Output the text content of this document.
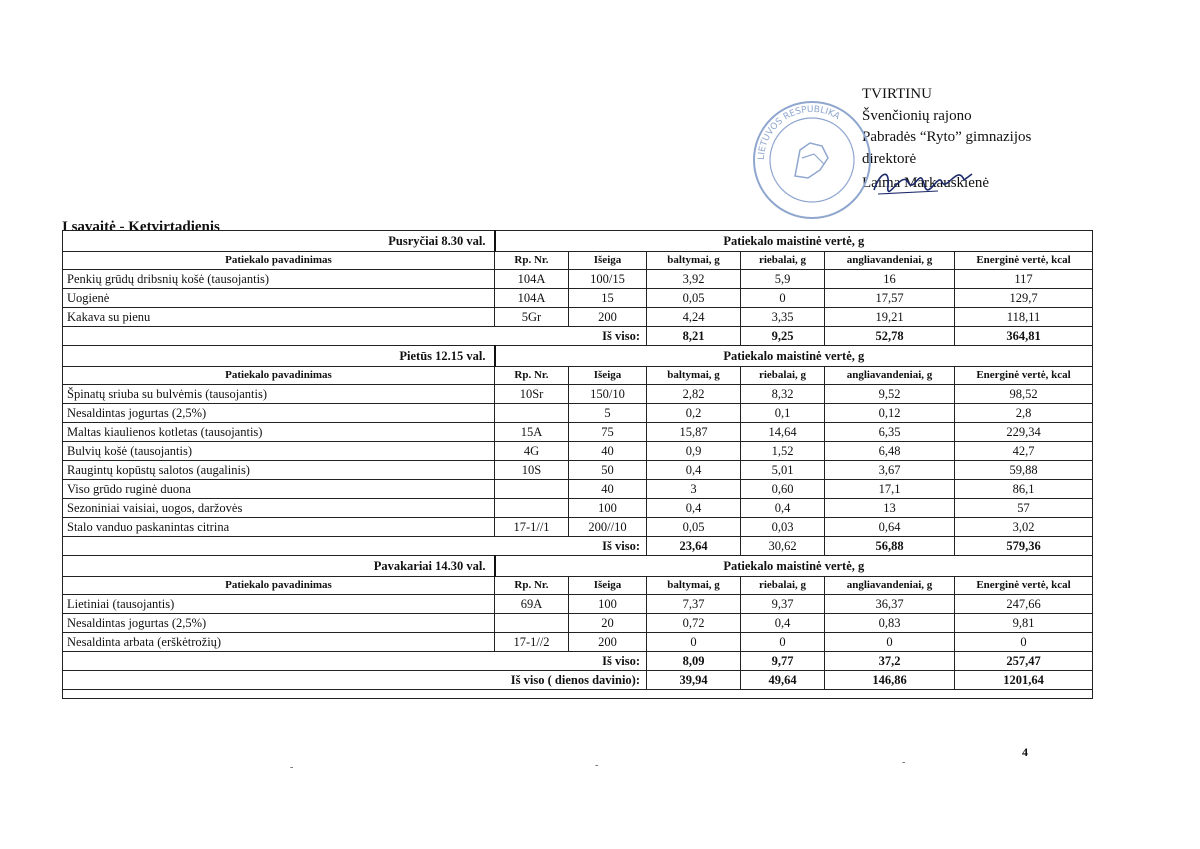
TVIRTINU
Švenčionių rajono
Pabradės “Ryto” gimnazijos
direktorė
Laima Markauskienė
LIETUVOS RESPUBLIKA
I savaitė - Ketvirtadienis
Pusryčiai 8.30 val.	Patiekalo maistinė vertė, g					
Patiekalo pavadinimas	Rp. Nr.	Išeiga	baltymai, g	riebalai, g	angliavandeniai, g	Energinė vertė, kcal
Penkių grūdų dribsnių košė (tausojantis)	104A	100/15	3,92	5,9	16	117
Uogienė	104A	15	0,05	0	17,57	129,7
Kakava su pienu	5Gr	200	4,24	3,35	19,21	118,11
Iš viso:			8,21	9,25	52,78	364,81
Pietūs 12.15 val.	Patiekalo maistinė vertė, g					
Patiekalo pavadinimas	Rp. Nr.	Išeiga	baltymai, g	riebalai, g	angliavandeniai, g	Energinė vertė, kcal
Špinatų sriuba su bulvėmis (tausojantis)	10Sr	150/10	2,82	8,32	9,52	98,52
Nesaldintas jogurtas (2,5%)		5	0,2	0,1	0,12	2,8
Maltas kiaulienos kotletas (tausojantis)	15A	75	15,87	14,64	6,35	229,34
Bulvių košė (tausojantis)	4G	40	0,9	1,52	6,48	42,7
Raugintų kopūstų salotos (augalinis)	10S	50	0,4	5,01	3,67	59,88
Viso grūdo ruginė duona		40	3	0,60	17,1	86,1
Sezoniniai vaisiai, uogos, daržovės		100	0,4	0,4	13	57
Stalo vanduo paskanintas citrina	17-1//1	200//10	0,05	0,03	0,64	3,02
Iš viso:			23,64	30,62	56,88	579,36
Pavakariai 14.30 val.	Patiekalo maistinė vertė, g					
Patiekalo pavadinimas	Rp. Nr.	Išeiga	baltymai, g	riebalai, g	angliavandeniai, g	Energinė vertė, kcal
Lietiniai (tausojantis)	69A	100	7,37	9,37	36,37	247,66
Nesaldintas jogurtas (2,5%)		20	0,72	0,4	0,83	9,81
Nesaldinta arbata (erškėtrožių)	17-1//2	200	0	0	0	0
Iš viso:			8,09	9,77	37,2	257,47
Iš viso ( dienos davinio):			39,94	49,64	146,86	1201,64

4
-	-	-
